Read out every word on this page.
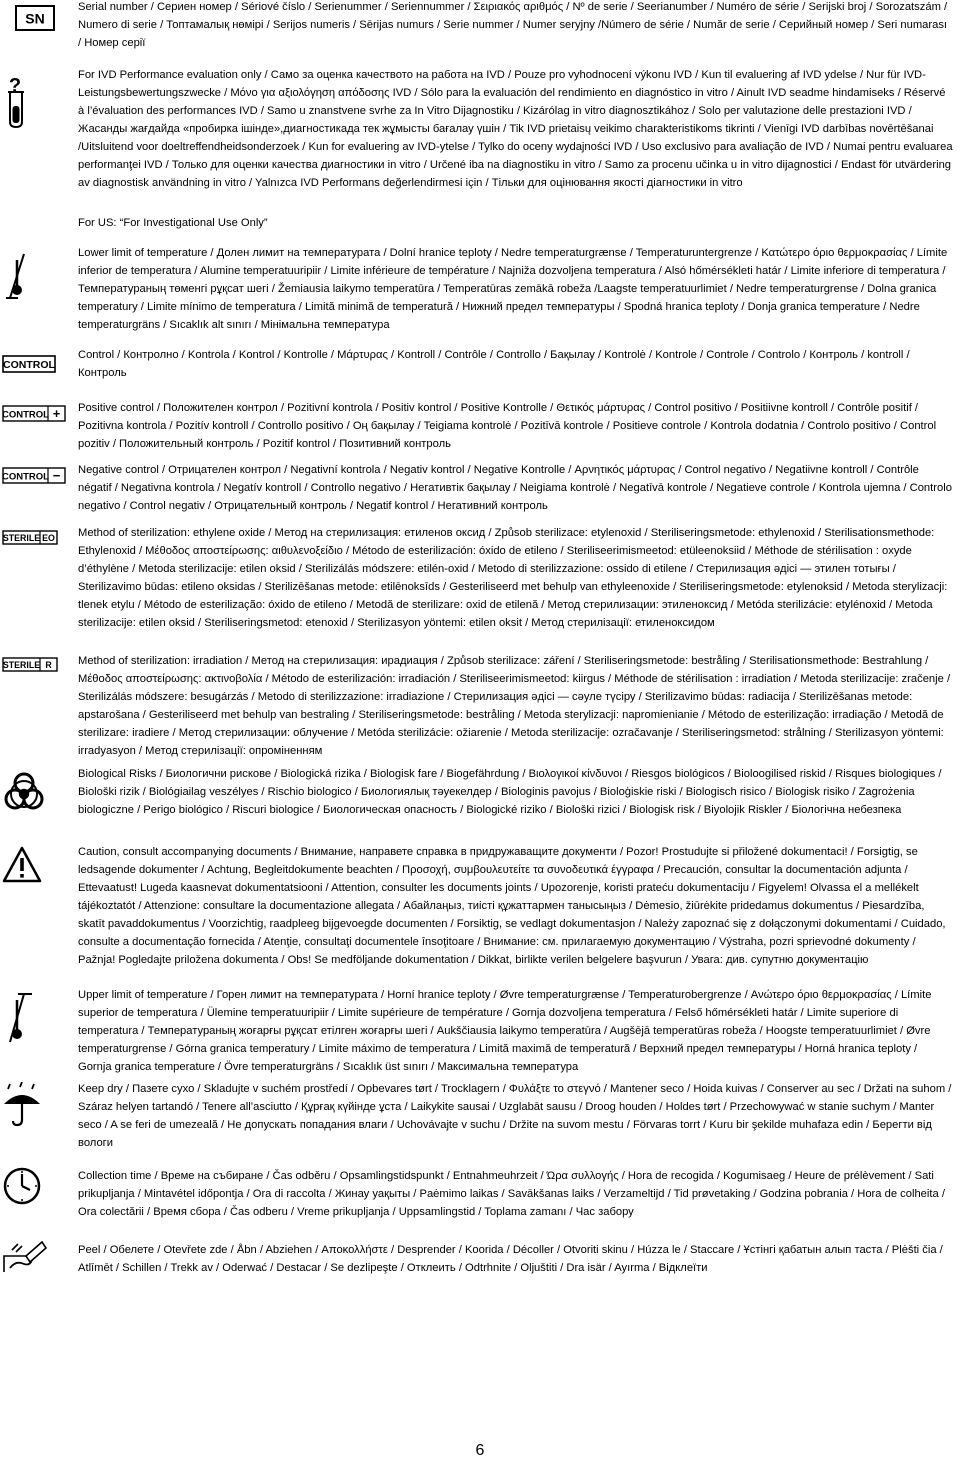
SN
Serial number / Сериен номер / Sériové číslo / Serienummer / Seriennummer / Σειριακός αριθμός / Nº de serie / Seerianumber / Numéro de série / Serijski broj / Sorozatszám / Numero di serie / Топтамалық нөмірі / Serijos numeris / Sērijas numurs / Serie nummer / Numer seryjny /Número de série / Număr de serie / Серийный номер / Seri numarası / Номер серії
?	For IVD Performance evaluation only / Само за оценка качеството на работа на IVD / Pouze pro vyhodnocení výkonu IVD / Kun til evaluering af IVD ydelse / Nur für IVD-Leistungsbewertungszwecke / Μόνο για αξιολόγηση απόδοσης IVD / Sólo para la evaluación del rendimiento en diagnóstico in vitro / Ainult IVD seadme hindamiseks / Réservé à l’évaluation des performances IVD / Samo u znanstvene svrhe za In Vitro Dijagnostiku / Kizárólag in vitro diagnosztikához / Solo per valutazione delle prestazioni IVD / Жасанды жағдайда «пробирка ішінде»,диагностикада тек жұмысты бағалау үшін / Tik IVD prietaisų veikimo charakteristikoms tikrinti / Vienīgi IVD darbības novērtēšanai /Uitsluitend voor doeltreffendheidsonderzoek / Kun for evaluering av IVD-ytelse / Tylko do oceny wydajności IVD / Uso exclusivo para avaliação de IVD / Numai pentru evaluarea performanţei IVD / Только для оценки качества диагностики in vitro / Určené iba na diagnostiku in vitro / Samo za procenu učinka u in vitro dijagnostici / Endast för utvärdering av diagnostisk användning in vitro / Yalnızca IVD Performans değerlendirmesi için / Тільки для оцінювання якості діагностики in vitro
For US: “For Investigational Use Only”
Lower limit of temperature / Долен лимит на температурата / Dolní hranice teploty / Nedre temperaturgrænse / Temperaturuntergrenze / Κατώτερο όριο θερμοκρασίας / Límite inferior de temperatura / Alumine temperatuuripiir / Limite inférieure de température / Najniža dozvoljena temperatura / Alsó hőmérsékleti határ / Limite inferiore di temperatura / Температураның төменгі рұқсат шегі / Žemiausia laikymo temperatūra / Temperatūras zemākā robeža /Laagste temperatuurlimiet / Nedre temperaturgrense / Dolna granica temperatury / Limite mínimo de temperatura / Limită minimă de temperatură / Нижний предел температуры / Spodná hranica teploty / Donja granica temperature / Nedre temperaturgräns / Sıcaklık alt sınırı / Мінімальна температура
CONTROL
Control / Контролно / Kontrola / Kontrol / Kontrolle / Μάρτυρας / Kontroll / Contrôle / Controllo / Бақылау / Kontrolė / Kontrole / Controle / Controlo / Контроль / kontroll / Контроль
CONTROL + Positive control / Положителен контрол / Pozitivní kontrola / Positiv kontrol / Positive Kontrolle / Θετικός μάρτυρας / Control positivo / Positiivne kontroll / Contrôle positif / Pozitivna kontrola / Pozitív kontroll / Controllo positivo / Оң бақылау / Teigiama kontrolė / Pozitīvā kontrole / Positieve controle / Kontrola dodatnia / Controlo positivo / Control pozitiv / Положительный контроль / Pozitif kontrol / Позитивний контроль
CONTROL − Negative control / Отрицателен контрол / Negativní kontrola / Negativ kontrol / Negative Kontrolle / Αρνητικός μάρτυρας / Control negativo / Negatiivne kontroll / Contrôle négatif / Negativna kontrola / Negatív kontroll / Controllo negativo / Негативтік бақылау / Neigiama kontrolė / Negatīvā kontrole / Negatieve controle / Kontrola ujemna / Controlo negativo / Control negativ / Отрицательный контроль / Negatif kontrol / Негативний контроль
STERILE EO Method of sterilization: ethylene oxide / Метод на стерилизация: етиленов оксид / Způsob sterilizace: etylenoxid / Steriliseringsmetode: ethylenoxid / Sterilisationsmethode: Ethylenoxid / Μέθοδος αποστείρωσης: αιθυλενοξείδιο / Método de esterilización: óxido de etileno / Steriliseerimismeetod: etüleenoksiid / Méthode de stérilisation : oxyde d’éthylène / Metoda sterilizacije: etilen oksid / Sterilizálás módszere: etilén-oxid / Metodo di sterilizzazione: ossido di etilene / Стерилизация әдісі — этилен тотығы / Sterilizavimo būdas: etileno oksidas / Sterilizēšanas metode: etilēnoksīds / Gesteriliseerd met behulp van ethyleenoxide / Steriliseringsmetode: etylenoksid / Metoda sterylizacji: tlenek etylu / Método de esterilização: óxido de etileno / Metodă de sterilizare: oxid de etilenă / Метод стерилизации: этиленоксид / Metóda sterilizácie: etylénoxid / Metoda sterilizacije: etilen oksid / Steriliseringsmetod: etenoxid / Sterilizasyon yöntemi: etilen oksit / Метод стерилізації: етиленоксидом
STERILE R Method of sterilization: irradiation / Метод на стерилизация: ирадиация / Způsob sterilizace: záření / Steriliseringsmetode: bestråling / Sterilisationsmethode: Bestrahlung / Μέθοδος αποστείρωσης: ακτινοβολία / Método de esterilización: irradiación / Steriliseerimismeetod: kiirgus / Méthode de stérilisation : irradiation / Metoda sterilizacije: zračenje / Sterilizálás módszere: besugárzás / Metodo di sterilizzazione: irradiazione / Стерилизация әдісі — сәуле түсіру / Sterilizavimo būdas: radiacija / Sterilizēšanas metode: apstarošana / Gesteriliseerd met behulp van bestraling / Steriliseringsmetode: bestråling / Metoda sterylizacji: napromienianie / Método de esterilização: irradiação / Metodă de sterilizare: iradiere / Метод стерилизации: облучение / Metóda sterilizácie: ožiarenie / Metoda sterilizacije: ozračavanje / Steriliseringsmetod: strålning / Sterilizasyon yöntemi: irradyasyon / Метод стерилізації: опроміненням
Biological Risks / Биологични рискове / Biologická rizika / Biologisk fare / Biogefährdung / Βιολογικοί κίνδυνοι / Riesgos biológicos / Bioloogilised riskid / Risques biologiques / Biološki rizik / Biológiailag veszélyes / Rischio biologico / Биологиялық тәуекелдер / Biologinis pavojus / Bioloģiskie riski / Biologisch risico / Biologisk risiko / Zagrożenia biologiczne / Perigo biológico / Riscuri biologice / Биологическая опасность / Biologické riziko / Biološki rizici / Biologisk risk / Biyolojik Riskler / Біологічна небезпека
Caution, consult accompanying documents / Внимание, направете справка в придружаващите документи / Pozor! Prostudujte si přiložené dokumentaci! / Forsigtig, se ledsagende dokumenter / Achtung, Begleitdokumente beachten / Προσοχή, συμβουλευτείτε τα συνοδευτικά έγγραφα / Precaución, consultar la documentación adjunta / Ettevaatust! Lugeda kaasnevat dokumentatsiooni / Attention, consulter les documents joints / Upozorenje, koristi prateću dokumentaciju / Figyelem! Olvassa el a mellékelt tájékoztatót / Attenzione: consultare la documentazione allegata / Абайлаңыз, тиісті құжаттармен танысыңыз / Dėmesio, žiūrėkite pridedamus dokumentus / Piesardzība, skatīt pavaddokumentus / Voorzichtig, raadpleeg bijgevoegde documenten / Forsiktig, se vedlagt dokumentasjon / Należy zapoznać się z dołączonymi dokumentami / Cuidado, consulte a documentação fornecida / Atenţie, consultaţi documentele însoţitoare / Внимание: см. прилагаемую документацию / Výstraha, pozri sprievodné dokumenty / Pažnja! Pogledajte priložena dokumenta / Obs! Se medföljande dokumentation / Dikkat, birlikte verilen belgelere başvurun / Увага: див. супутню документацію
Upper limit of temperature / Горен лимит на температурата / Horní hranice teploty / Øvre temperaturgrænse / Temperaturobergrenze / Ανώτερο όριο θερμοκρασίας / Límite superior de temperatura / Ülemine temperatuuripiir / Limite supérieure de température / Gornja dozvoljena temperatura / Felső hőmérsékleti határ / Limite superiore di temperatura / Температураның жоғарғы рұқсат етілген жоғарғы шегі / Aukščiausia laikymo temperatūra / Augšējā temperatūras robeža / Hoogste temperatuurlimiet / Øvre temperaturgrense / Górna granica temperatury / Limite máximo de temperatura / Limită maximă de temperatură / Верхний предел температуры / Horná hranica teploty / Gornja granica temperature / Övre temperaturgräns / Sıcaklık üst sınırı / Максимальна температура
Keep dry / Пазете сухо / Skladujte v suchém prostředí / Opbevares tørt / Trocklagern / Φυλάξτε το στεγνό / Mantener seco / Hoida kuivas / Conserver au sec / Držati na suhom / Száraz helyen tartandó / Tenere all’asciutto / Құрғақ күйінде ұста / Laikykite sausai / Uzglabāt sausu / Droog houden / Holdes tørt / Przechowywać w stanie suchym / Manter seco / A se feri de umezeală / Не допускать попадания влаги / Uchovávajte v suchu / Držite na suvom mestu / Förvaras torrt / Kuru bir şekilde muhafaza edin / Берегти від вологи
Collection time / Време на събиране / Čas odběru / Opsamlingstidspunkt / Entnahmeuhrzeit / Ώρα συλλογής / Hora de recogida / Kogumisaeg / Heure de prélèvement / Sati prikupljanja / Mintavétel időpontja / Ora di raccolta / Жинау уақыты / Paėmimo laikas / Savākšanas laiks / Verzameltijd / Tid prøvetaking / Godzina pobrania / Hora de colheita / Ora colectării / Время сбора / Čas odberu / Vreme prikupljanja / Uppsamlingstid / Toplama zamanı / Час забору
Peel / Обелете / Otevřete zde / Åbn / Abziehen / Αποκολλήστε / Desprender / Koorida / Décoller / Otvoriti skinu / Húzza le / Staccare / Ұстінгі қабатын алып таста / Plėšti čia / Atlīmēt / Schillen / Trekk av / Oderwać / Destacar / Se dezlipeşte / Отклеить / Odtrhnite / Oljuštiti / Dra isär / Ayırma / Відклеїти
6
